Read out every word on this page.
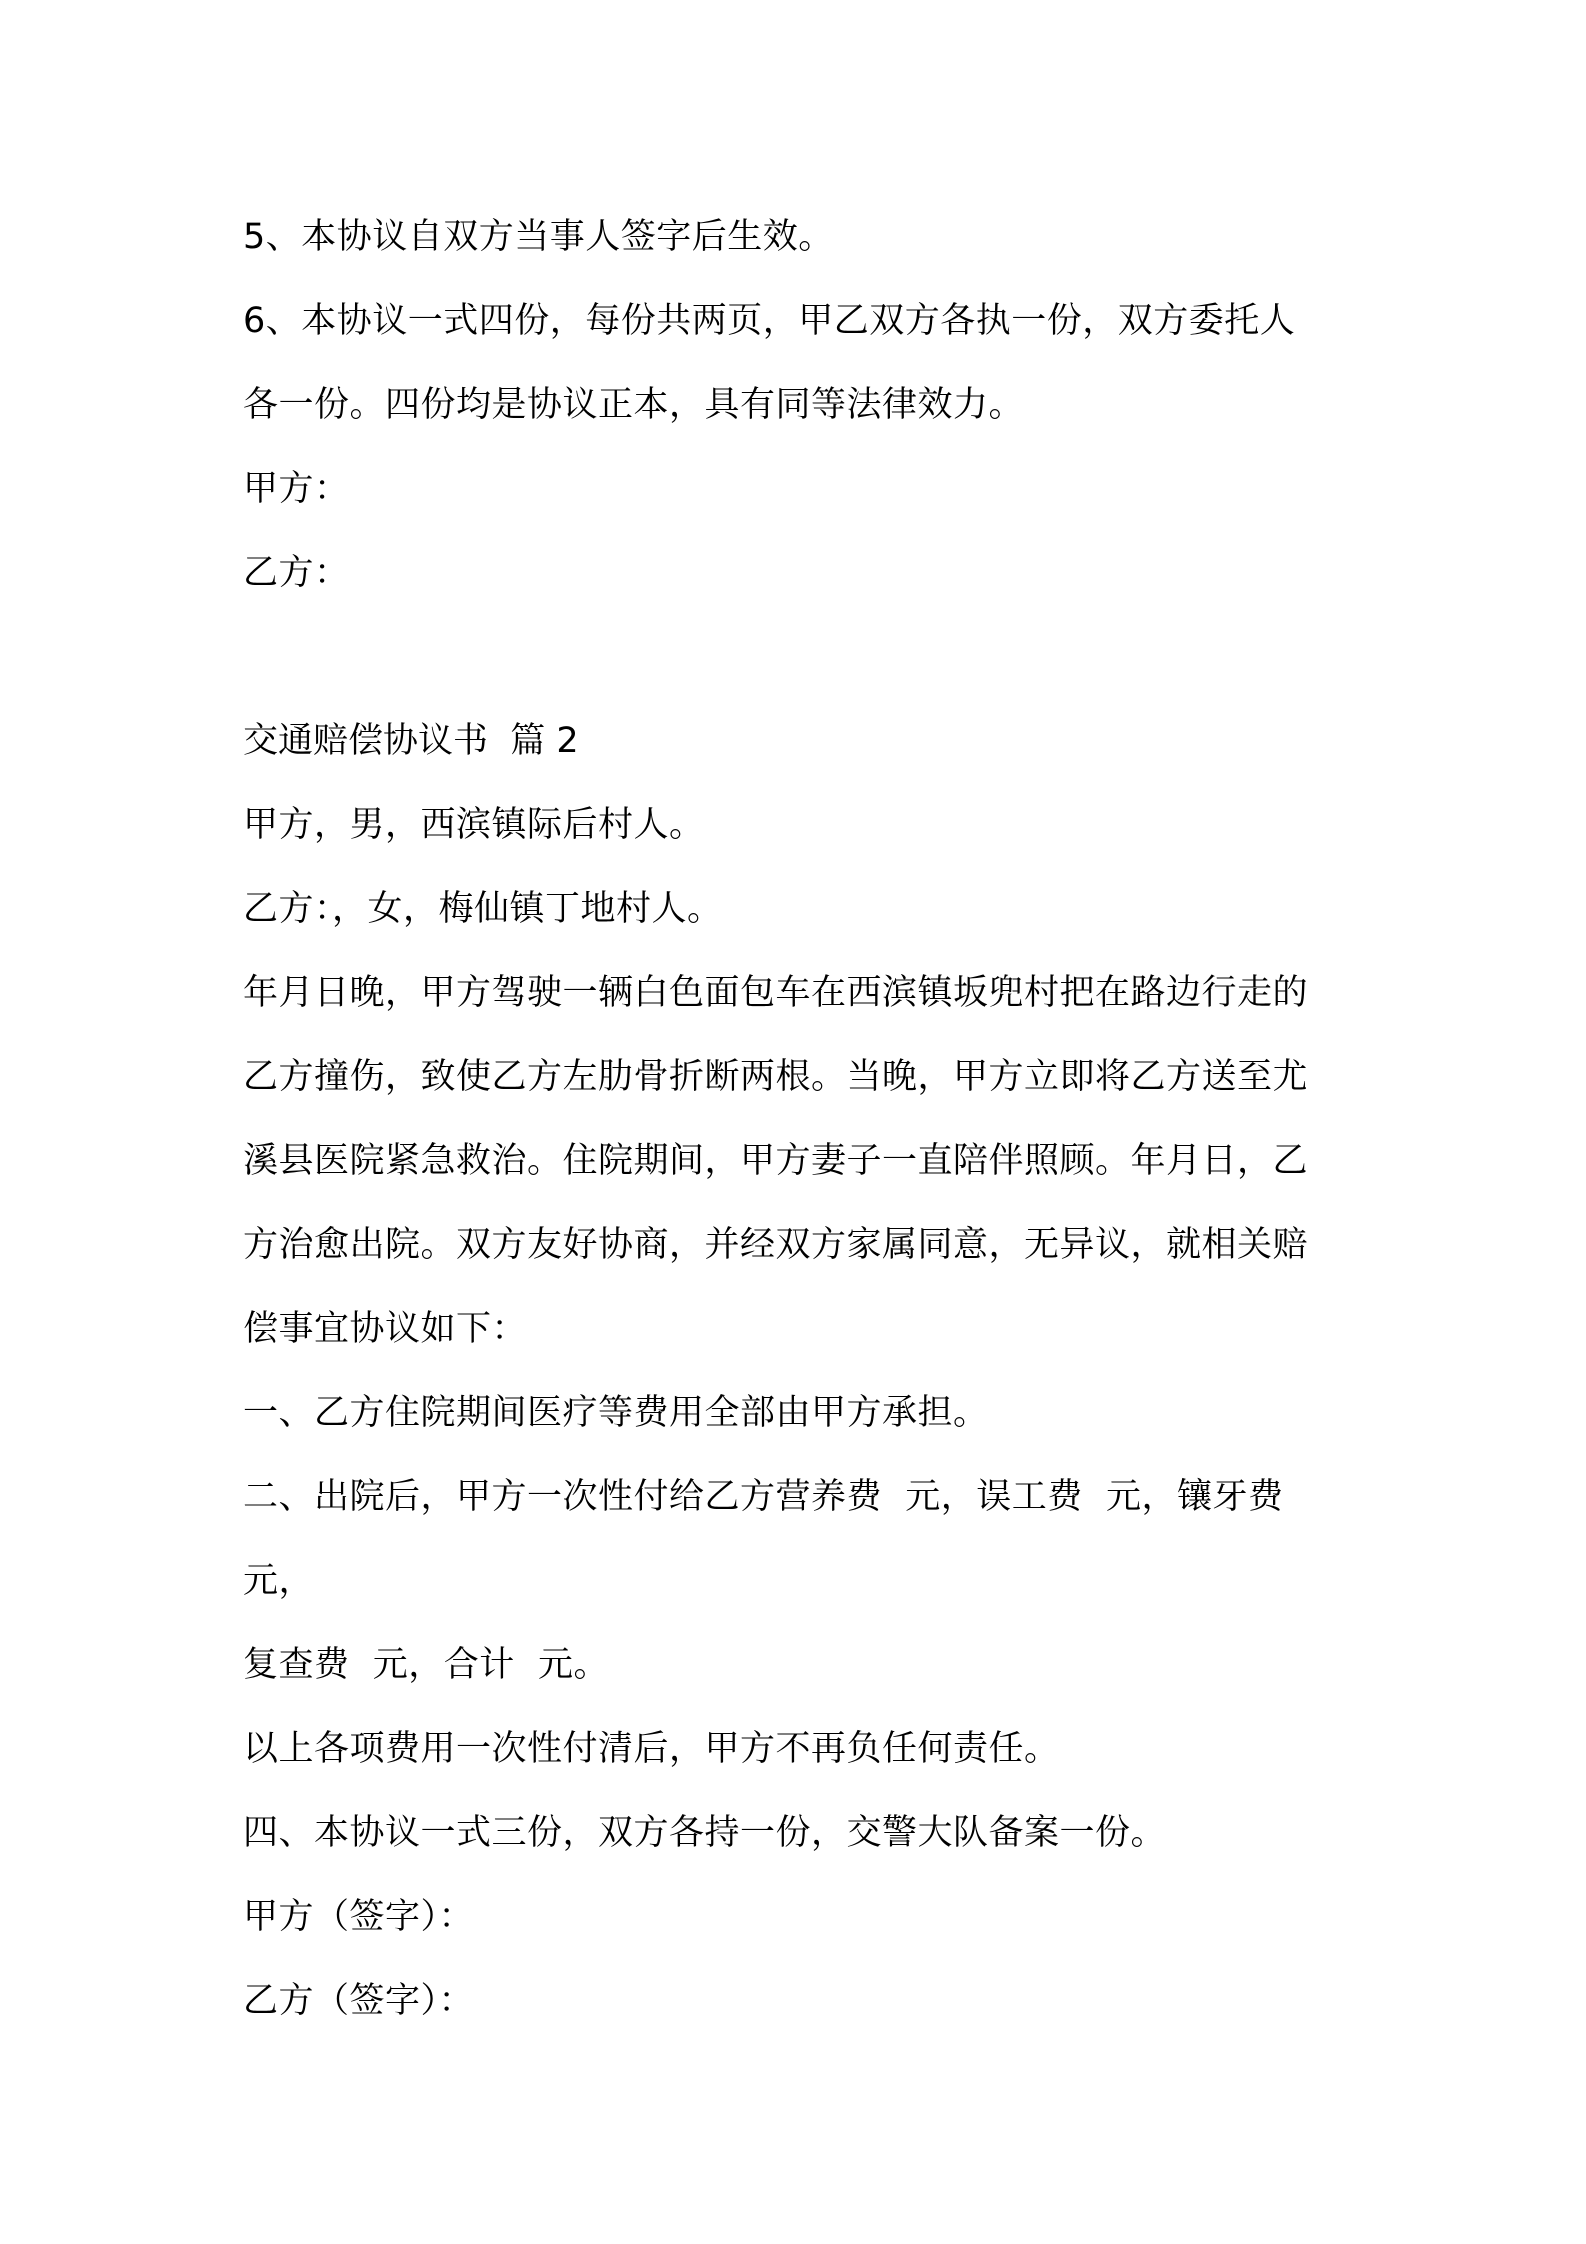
5、本协议自双方当事人签字后生效。

6、本协议一式四份，每份共两页，甲乙双方各执一份，双方委托人

各一份。四份均是协议正本，具有同等法律效力。

甲方：

乙方：

交通赔偿协议书  篇 2

甲方，男，西滨镇际后村人。

乙方：，女，梅仙镇丁地村人。

年月日晚，甲方驾驶一辆白色面包车在西滨镇坂兜村把在路边行走的

乙方撞伤，致使乙方左肋骨折断两根。当晚，甲方立即将乙方送至尤

溪县医院紧急救治。住院期间，甲方妻子一直陪伴照顾。年月日，乙

方治愈出院。双方友好协商，并经双方家属同意，无异议，就相关赔

偿事宜协议如下：

一、乙方住院期间医疗等费用全部由甲方承担。

二、出院后，甲方一次性付给乙方营养费  元，误工费  元，镶牙费  元，

复查费  元，合计  元。

以上各项费用一次性付清后，甲方不再负任何责任。

四、本协议一式三份，双方各持一份，交警大队备案一份。

甲方（签字）：

乙方（签字）：
